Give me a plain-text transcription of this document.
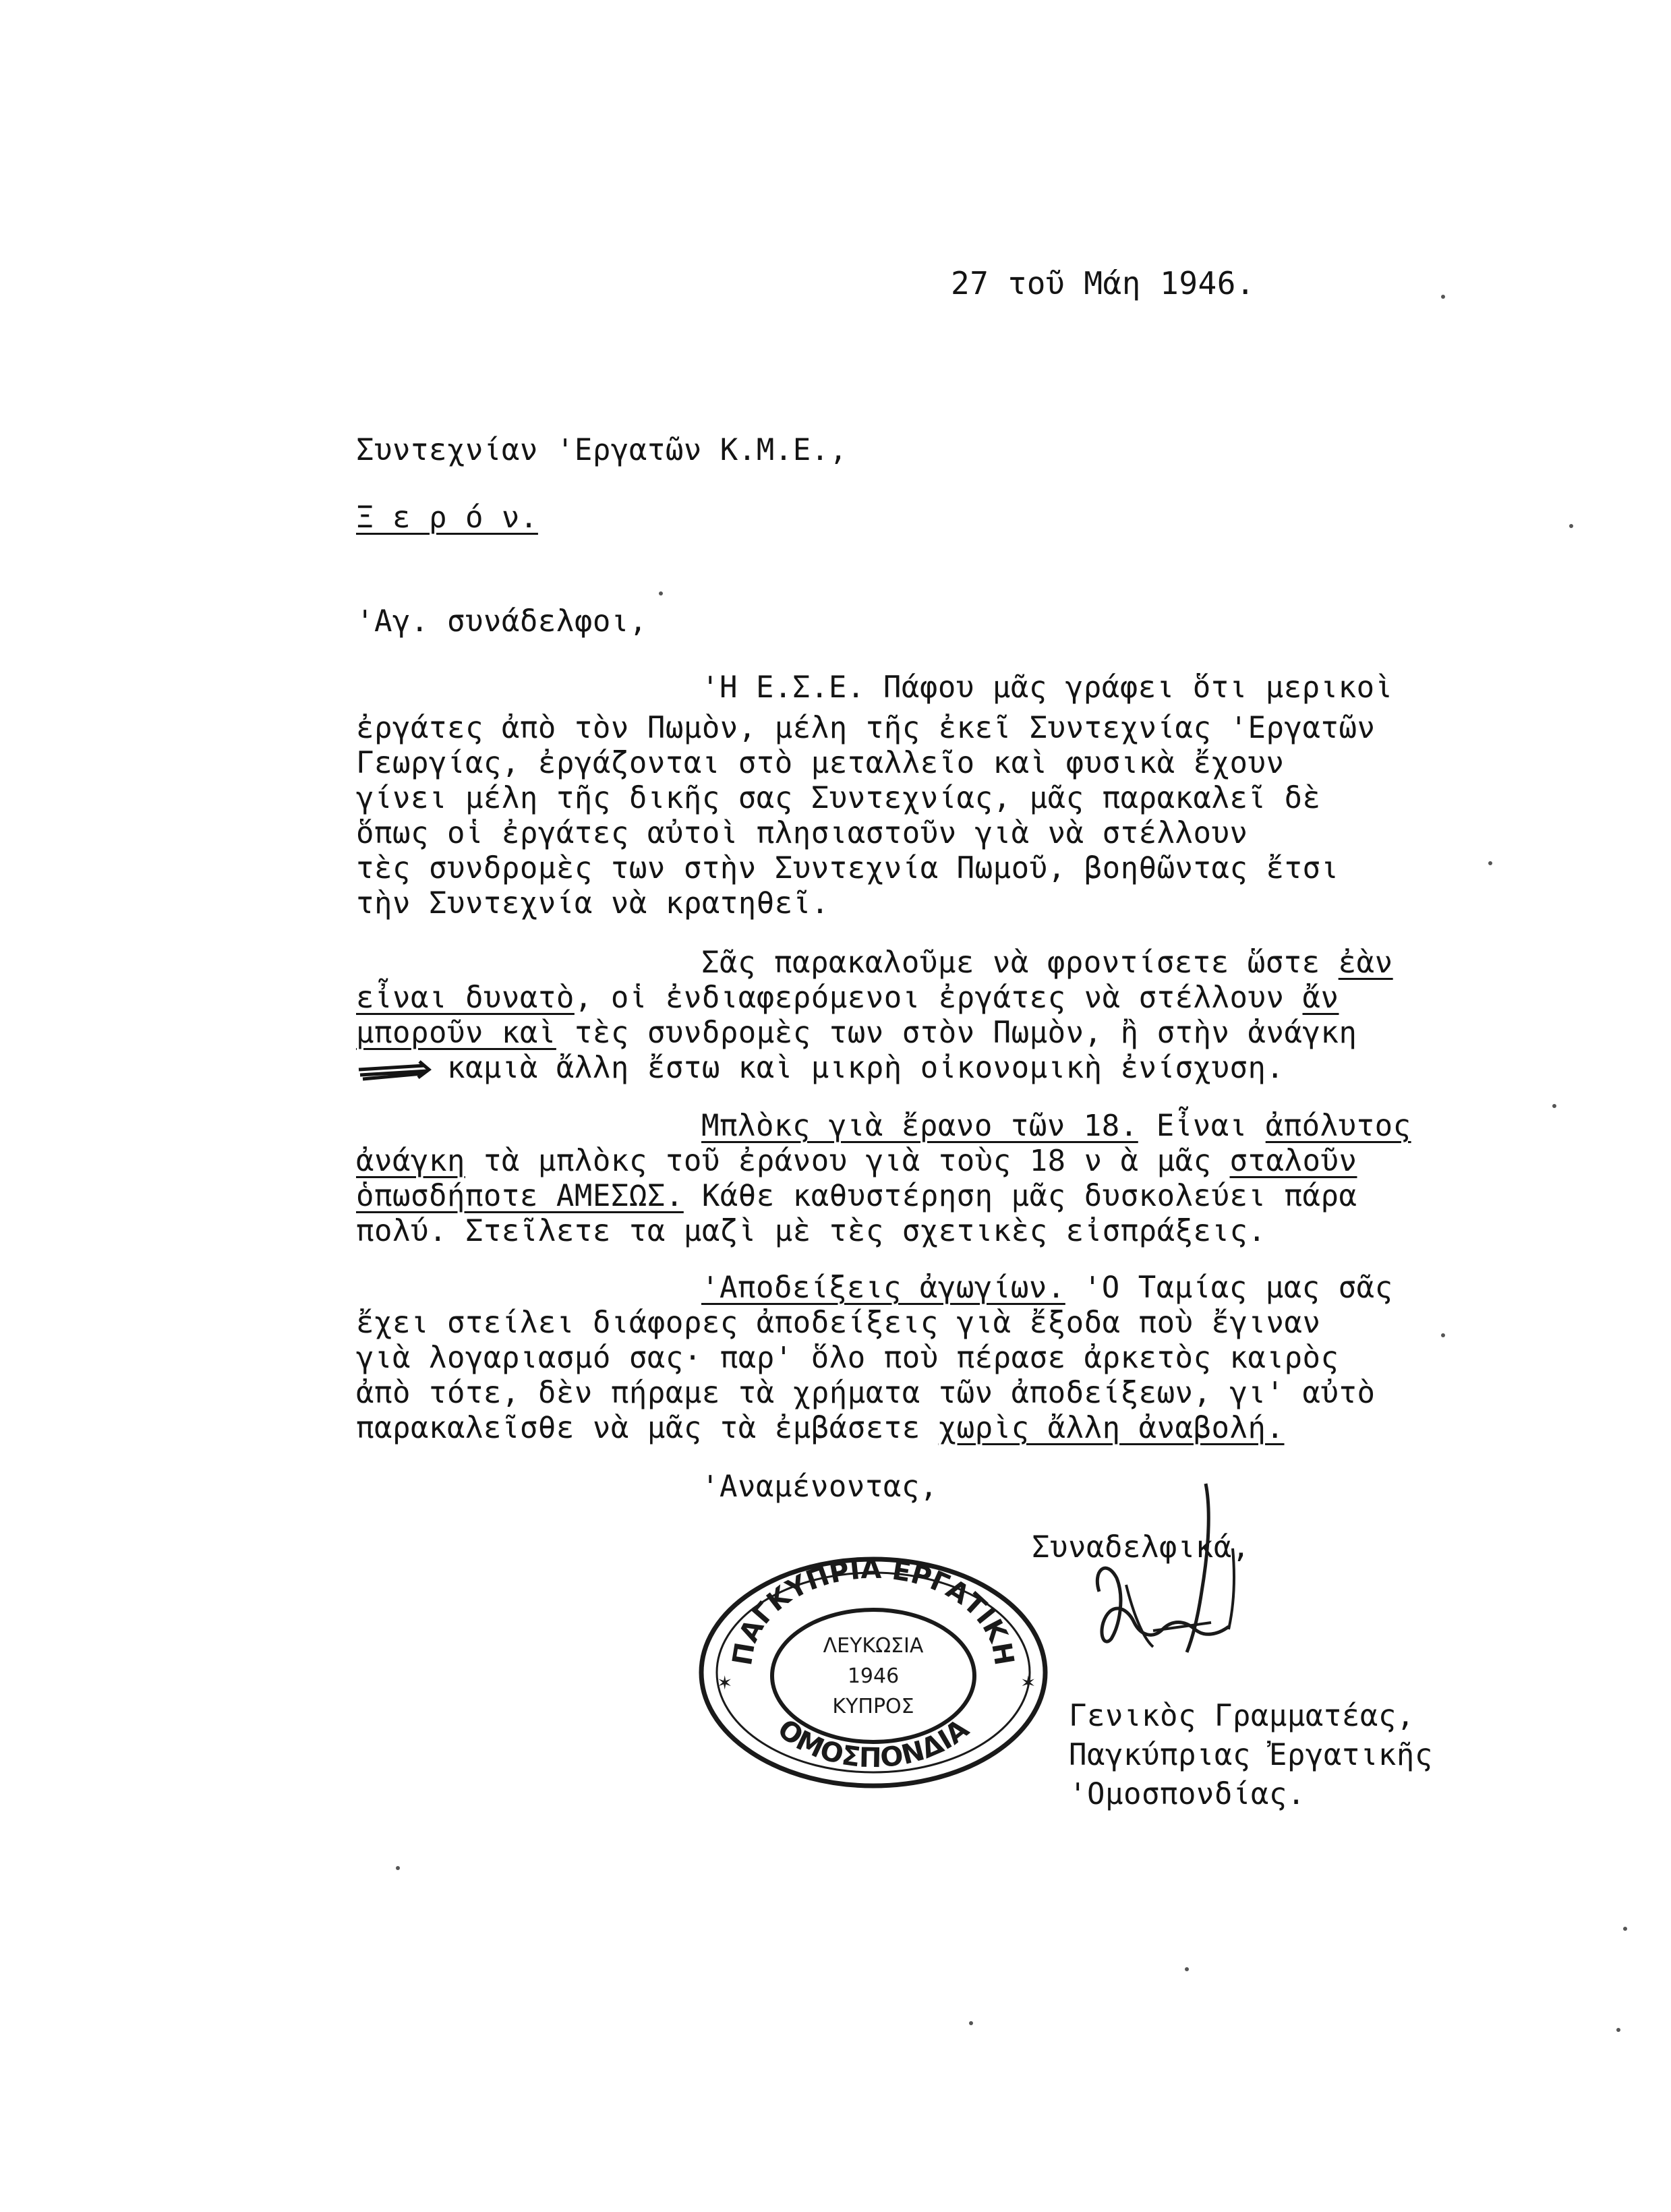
27 τοῦ Μάη 1946.
Συντεχνίαν 'Εργατῶν Κ.Μ.Ε.,
Ξ ε ρ ό ν.
'Αγ. συνάδελφοι,
'Η Ε.Σ.Ε. Πάφου μᾶς γράφει ὅτι μερικοὶ
ἐργάτες ἀπὸ τὸν Πωμὸν, μέλη τῆς ἐκεῖ Συντεχνίας 'Εργατῶν
Γεωργίας, ἐργάζονται στὸ μεταλλεῖο καὶ φυσικὰ ἔχουν
γίνει μέλη τῆς δικῆς σας Συντεχνίας, μᾶς παρακαλεῖ δὲ
ὅπως οἱ ἐργάτες αὐτοὶ πλησιαστοῦν γιὰ νὰ στέλλουν
τὲς συνδρομὲς των στὴν Συντεχνία Πωμοῦ, βοηθῶντας ἔτσι
τὴν Συντεχνία νὰ κρατηθεῖ.
Σᾶς παρακαλοῦμε νὰ φροντίσετε ὥστε ἐὰν
εἶναι δυνατὸ, οἱ ἐνδιαφερόμενοι ἐργάτες νὰ στέλλουν ἄν
μποροῦν καὶ τὲς συνδρομὲς των στὸν Πωμὸν, ἢ στὴν ἀνάγκη
καμιὰ ἄλλη ἔστω καὶ μικρὴ οἰκονομικὴ ἐνίσχυση.
Μπλὸκς γιὰ ἔρανο τῶν 18. Εἶναι ἀπόλυτος
ἀνάγκη τὰ μπλὸκς τοῦ ἐράνου γιὰ τοὺς 18 ν ὰ μᾶς σταλοῦν
ὁπωσδήποτε ΑΜΕΣΩΣ. Κάθε καθυστέρηση μᾶς δυσκολεύει πάρα
πολύ. Στεῖλετε τα μαζὶ μὲ τὲς σχετικὲς εἰσπράξεις.
'Αποδείξεις ἀγωγίων. 'Ο Ταμίας μας σᾶς
ἔχει στείλει διάφορες ἀποδείξεις γιὰ ἔξοδα ποὺ ἔγιναν
γιὰ λογαριασμό σας· παρ' ὅλο ποὺ πέρασε ἀρκετὸς καιρὸς
ἀπὸ τότε, δὲν πήραμε τὰ χρήματα τῶν ἀποδείξεων, γι' αὐτὸ
παρακαλεῖσθε νὰ μᾶς τὰ ἐμβάσετε χωρὶς ἄλλη ἀναβολή.
'Αναμένοντας,
Συναδελφικά,
Γενικὸς Γραμματέας,
Παγκύπριας Ἐργατικῆς
'Ομοσπονδίας.
ΠΑΓΚΥΠΡΙΑ ΕΡΓΑΤΙΚΗ
ΟΜΟΣΠΟΝΔΙΑ
ΛΕΥΚΩΣΙΑ
1946
ΚΥΠΡΟΣ
✶	✶
